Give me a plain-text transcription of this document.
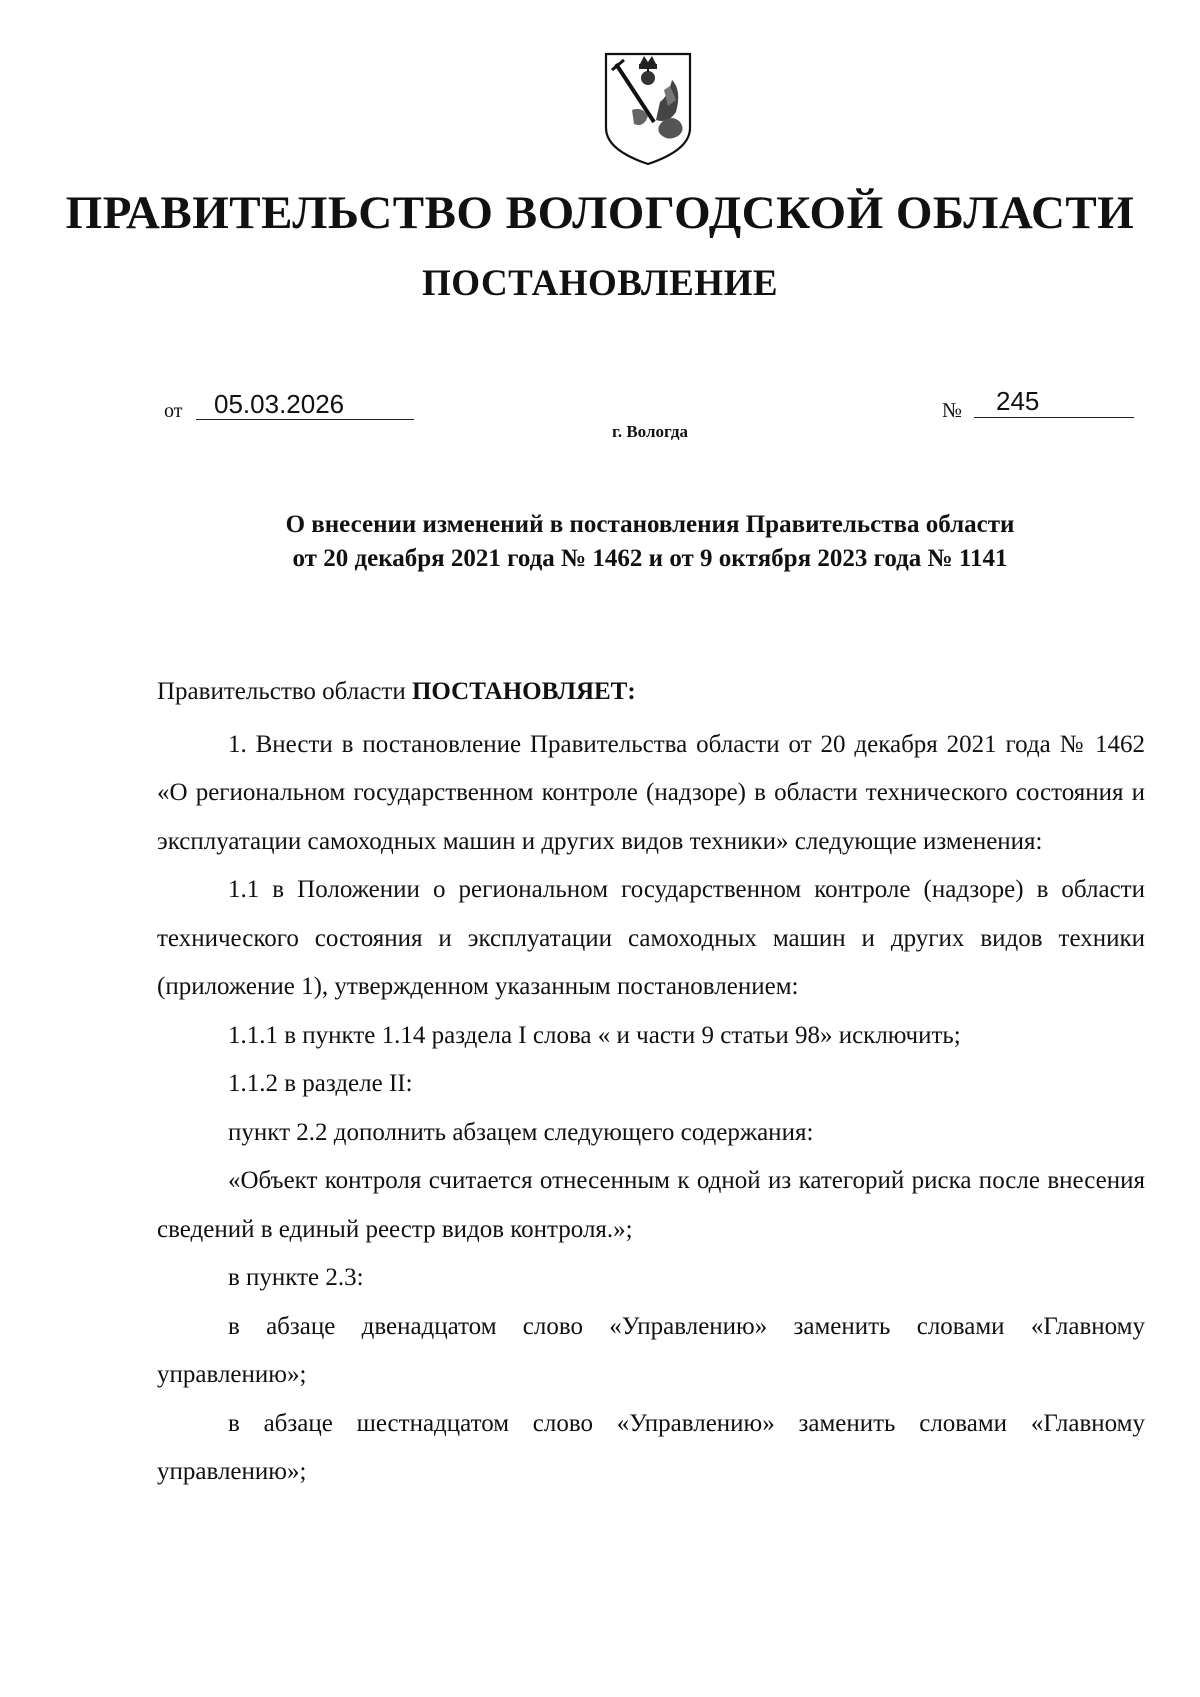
ПРАВИТЕЛЬСТВО ВОЛОГОДСКОЙ ОБЛАСТИ
ПОСТАНОВЛЕНИЕ
от	05.03.2026	№	245
г. Вологда
О внесении изменений в постановления Правительства области
от 20 декабря 2021 года № 1462 и от 9 октября 2023 года № 1141

Правительство области ПОСТАНОВЛЯЕТ:

1. Внести в постановление Правительства области от 20 декабря 2021 года № 1462 «О региональном государственном контроле (надзоре) в области технического состояния и эксплуатации самоходных машин и других видов техники» следующие изменения:

1.1 в Положении о региональном государственном контроле (надзоре) в области технического состояния и эксплуатации самоходных машин и других видов техники (приложение 1), утвержденном указанным постановлением:

1.1.1 в пункте 1.14 раздела I слова « и части 9 статьи 98» исключить;

1.1.2 в разделе II:

пункт 2.2 дополнить абзацем следующего содержания:

«Объект контроля считается отнесенным к одной из категорий риска после внесения сведений в единый реестр видов контроля.»;

в пункте 2.3:

в абзаце двенадцатом слово «Управлению» заменить словами «Главному управлению»;

в абзаце шестнадцатом слово «Управлению» заменить словами «Главному управлению»;
